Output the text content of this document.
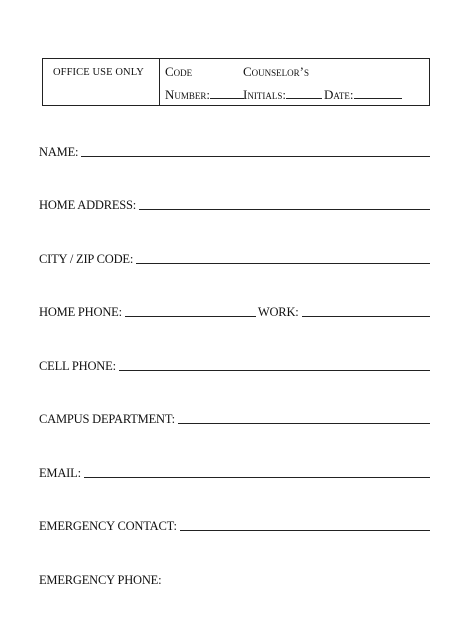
OFFICE USE ONLY Code	Counselor’s
Number:	Initials:	Date:
NAME:
HOME ADDRESS:
CITY / ZIP CODE:
HOME PHONE:	WORK:
CELL PHONE:
CAMPUS DEPARTMENT:
EMAIL:
EMERGENCY CONTACT:
EMERGENCY PHONE:
